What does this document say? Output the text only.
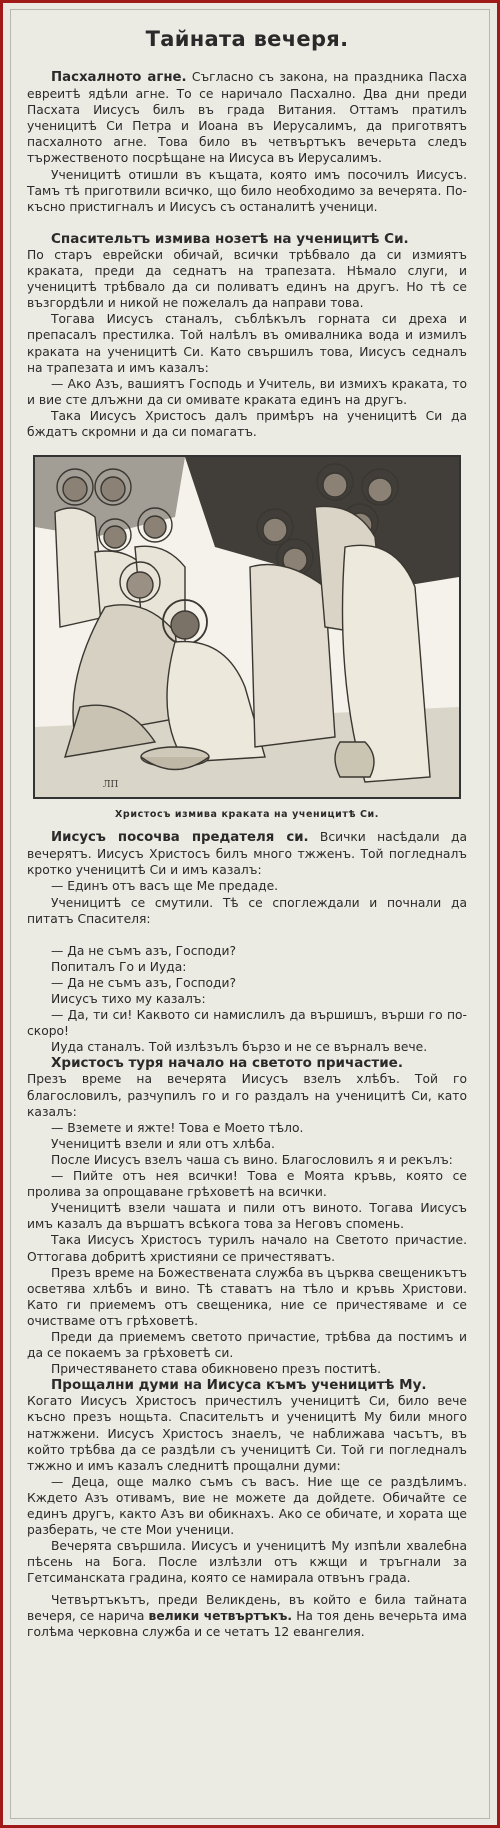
Тайната вечеря.

Пасхалното агне. Съгласно съ закона, на праздника Пасха евреитѣ ядѣли агне. То се наричало Пасхално. Два дни преди Пасхата Иисусъ билъ въ града Витания. Оттамъ пратилъ ученицитѣ Си Петра и Иоана въ Иерусалимъ, да приготвятъ пасхалното агне. Това било въ четвъртъкъ вечерьта следъ тържественото посрѣщане на Иисуса въ Иерусалимъ.

Ученицитѣ отишли въ къщата, която имъ посочилъ Иисусъ. Тамъ тѣ приготвили всичко, що било необходимо за вечерята. По-късно пристигналъ и Иисусъ съ останалитѣ ученици.

Спасительтъ измива нозетѣ на ученицитѣ Си.

По старъ еврейски обичай, всички трѣбвало да си измиятъ краката, преди да седнатъ на трапезата. Нѣмало слуги, и ученицитѣ трѣбвало да си поливатъ единъ на другъ. Но тѣ се възгордѣли и никой не пожелалъ да направи това.

Тогава Иисусъ станалъ, съблѣкълъ горната си дреха и препасалъ престилка. Той налѣлъ въ омивалника вода и измилъ краката на ученицитѣ Си. Като свършилъ това, Иисусъ седналъ на трапезата и имъ казалъ:

— Ако Азъ, вашиятъ Господь и Учитель, ви измихъ краката, то и вие сте длъжни да си омивате краката единъ на другъ.

Така Иисусъ Христосъ далъ примѣръ на ученицитѣ Си да бждатъ скромни и да си помагатъ.

ЛП
Христосъ измива краката на ученицитѣ Си.

Иисусъ посочва предателя си. Всички насѣдали да вечерятъ. Иисусъ Христосъ билъ много тжженъ. Той погледналъ кротко ученицитѣ Си и имъ казалъ:

— Единъ отъ васъ ще Ме предаде.

Ученицитѣ се смутили. Тѣ се споглеждали и почнали да питатъ Спасителя:

— Да не съмъ азъ, Господи?

Попиталъ Го и Иуда:

— Да не съмъ азъ, Господи?

Иисусъ тихо му казалъ:

— Да, ти си! Каквото си намислилъ да вършишъ, върши го по-скоро!

Иуда станалъ. Той излѣзълъ бързо и не се върналъ вече.

Христосъ туря начало на светото причастие.

Презъ време на вечерята Иисусъ взелъ хлѣбъ. Той го благословилъ, разчупилъ го и го раздалъ на ученицитѣ Си, като казалъ:

— Вземете и яжте! Това е Моето тѣло.

Ученицитѣ взели и яли отъ хлѣба.

После Иисусъ взелъ чаша съ вино. Благословилъ я и рекълъ:

— Пийте отъ нея всички! Това е Моята кръвь, която се пролива за опрощаване грѣховетѣ на всички.

Ученицитѣ взели чашата и пили отъ виното. Тогава Иисусъ имъ казалъ да вършатъ всѣкога това за Неговъ спомень.

Така Иисусъ Христосъ турилъ начало на Светото причастие. Оттогава добритѣ християни се причестяватъ.

Презъ време на Божествената служба въ църква свещеникътъ осветява хлѣбъ и вино. Тѣ ставатъ на тѣло и кръвь Христови. Като ги приемемъ отъ свещеника, ние се причестяваме и се очистваме отъ грѣховетѣ.

Преди да приемемъ светото причастие, трѣбва да постимъ и да се покаемъ за грѣховетѣ си.

Причестяването става обикновено презъ поститѣ.

Прощални думи на Иисуса къмъ ученицитѣ Му.

Когато Иисусъ Христосъ причестилъ ученицитѣ Си, било вече късно презъ нощьта. Спасительтъ и ученицитѣ Му били много натжжени. Иисусъ Христосъ знаелъ, че наближава часътъ, въ който трѣбва да се раздѣли съ ученицитѣ Си. Той ги погледналъ тжжно и имъ казалъ следнитѣ прощални думи:

— Деца, още малко съмъ съ васъ. Ние ще се раздѣлимъ. Кждето Азъ отивамъ, вие не можете да дойдете. Обичайте се единъ другъ, както Азъ ви обикнахъ. Ако се обичате, и хората ще разберать, че сте Мои ученици.

Вечерята свършила. Иисусъ и ученицитѣ Му изпѣли хвалебна пѣсень на Бога. После излѣзли отъ кжщи и тръгнали за Гетсиманската градина, която се намирала отвънъ града.

Четвъртъкътъ, преди Великдень, въ който е била тайната вечеря, се нарича велики четвъртъкъ. На тоя день вечерьта има голѣма черковна служба и се четатъ 12 евангелия.
